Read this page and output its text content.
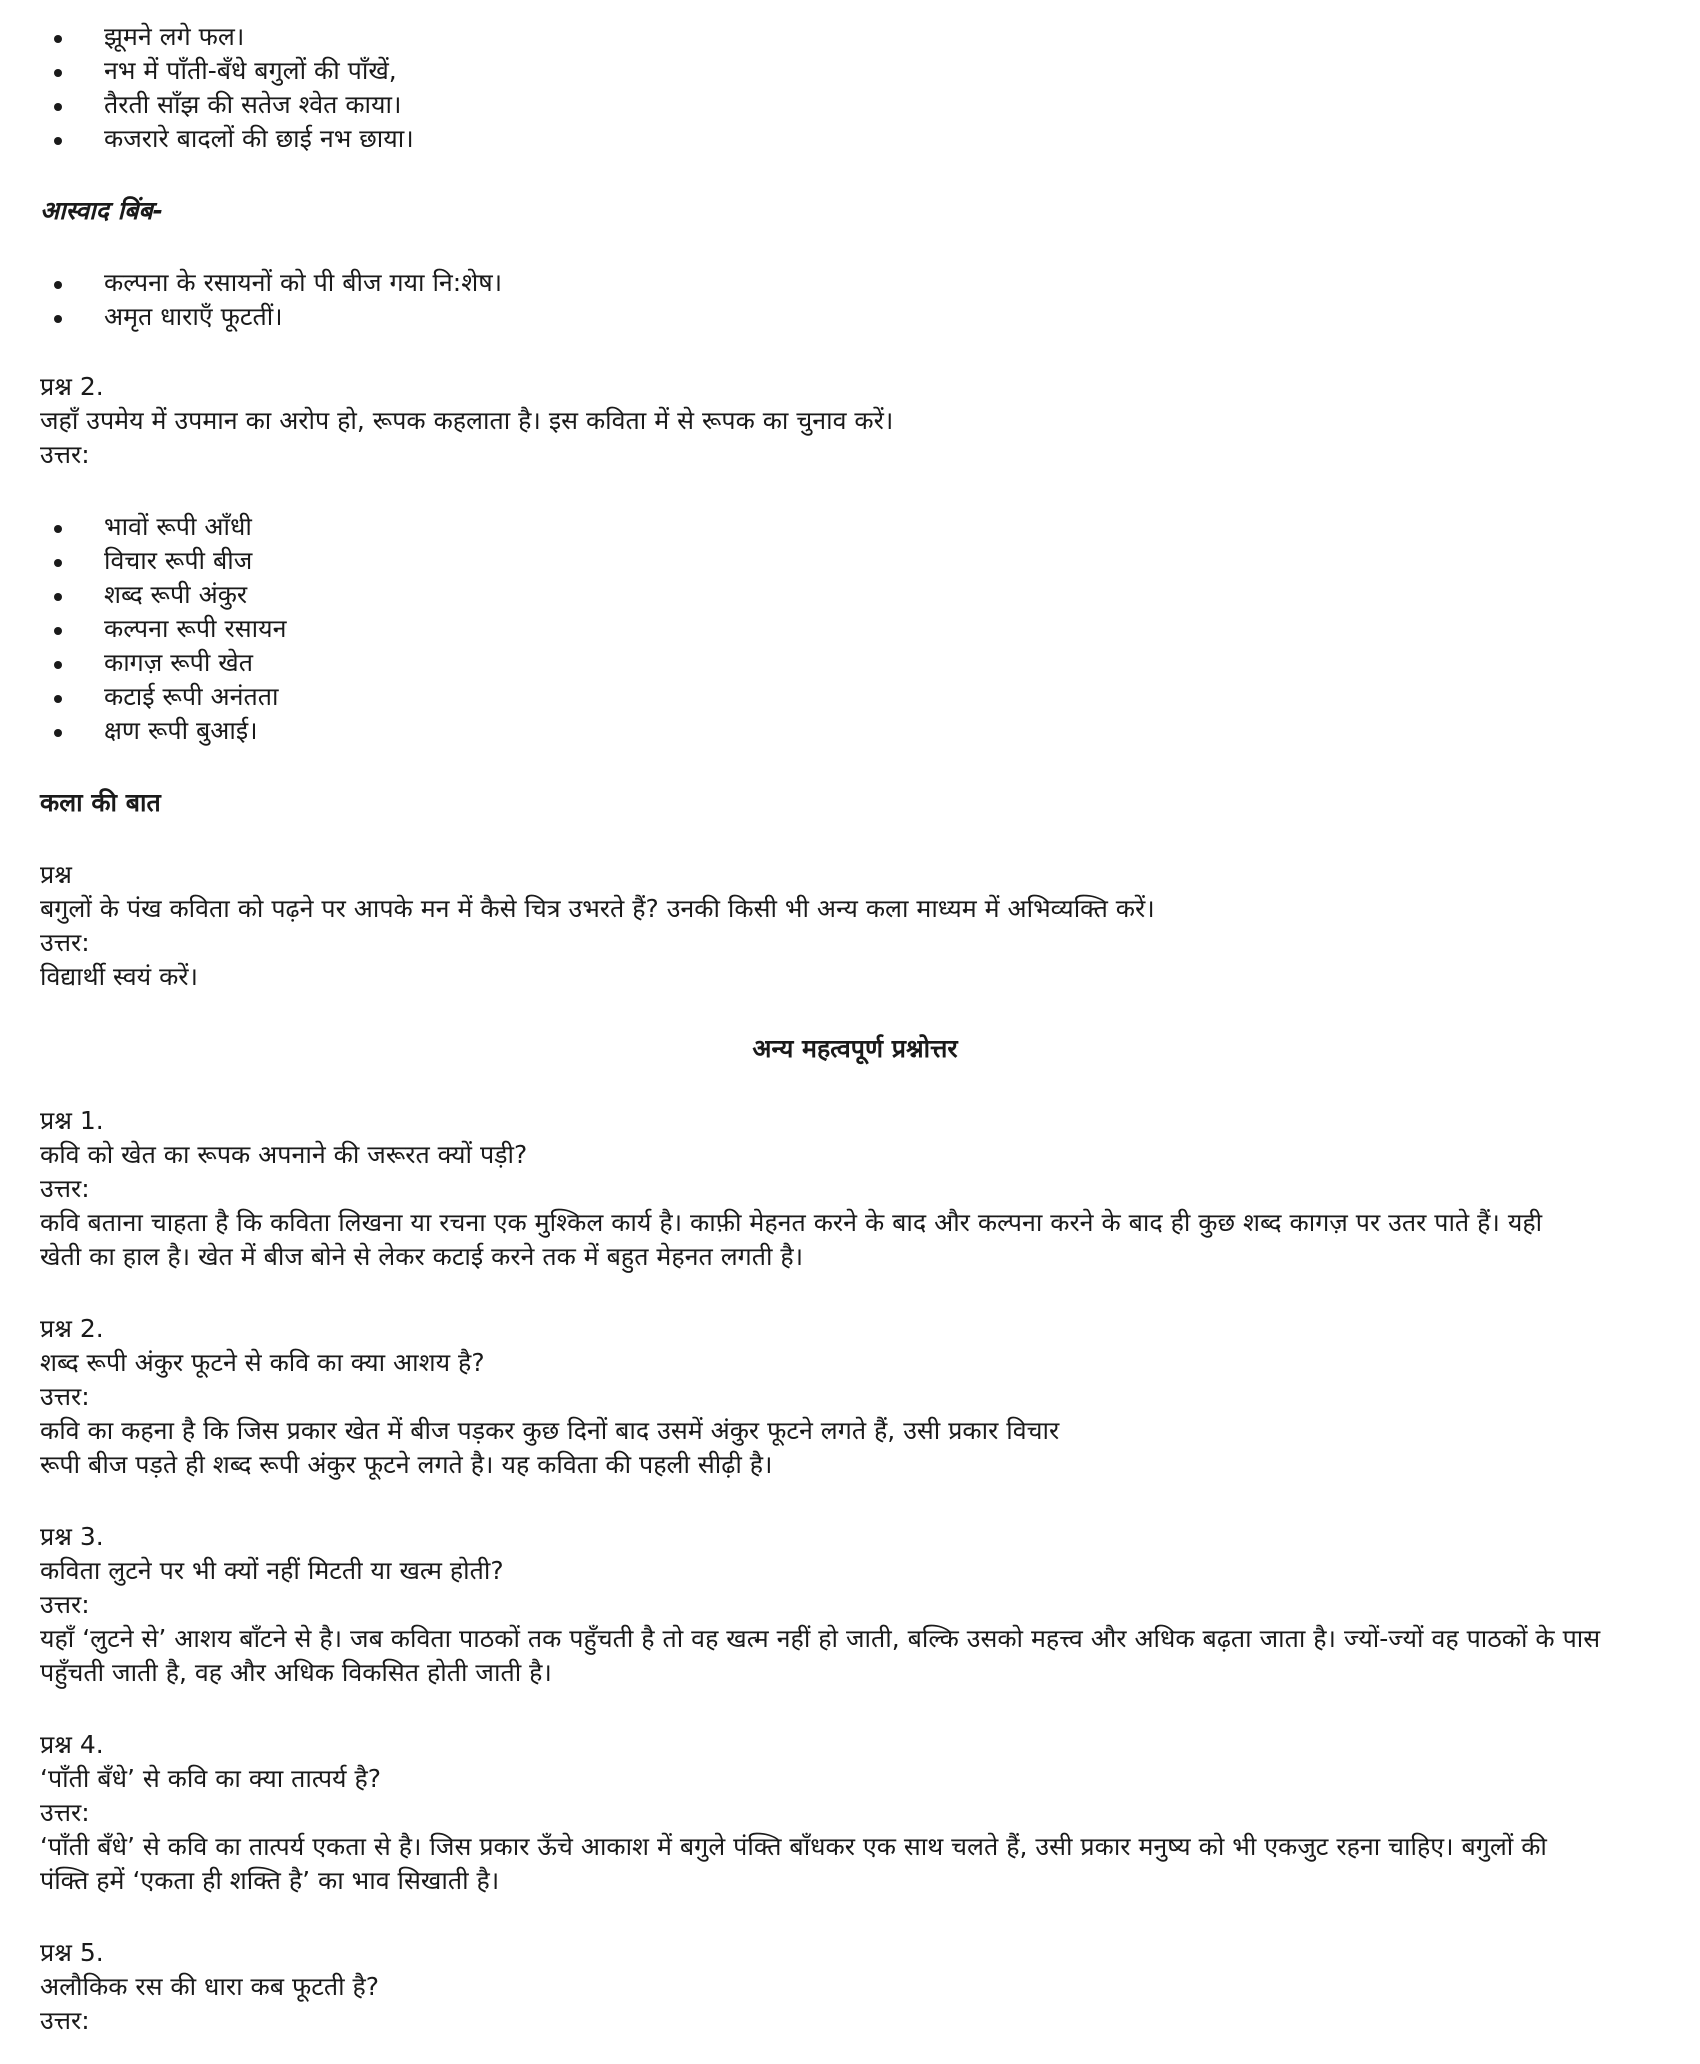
झूमने लगे फल।
नभ में पाँती-बँधे बगुलों की पाँखें,
तैरती साँझ की सतेज श्वेत काया।
कजरारे बादलों की छाई नभ छाया।

आस्वाद बिंब-

कल्पना के रसायनों को पी बीज गया नि:शेष।
अमृत धाराएँ फूटतीं।

प्रश्न 2.

जहाँ उपमेय में उपमान का अरोप हो, रूपक कहलाता है। इस कविता में से रूपक का चुनाव करें।

उत्तर:

भावों रूपी आँधी
विचार रूपी बीज
शब्द रूपी अंकुर
कल्पना रूपी रसायन
कागज़ रूपी खेत
कटाई रूपी अनंतता
क्षण रूपी बुआई।

कला की बात

प्रश्न

बगुलों के पंख कविता को पढ़ने पर आपके मन में कैसे चित्र उभरते हैं? उनकी किसी भी अन्य कला माध्यम में अभिव्यक्ति करें।

उत्तर:

विद्यार्थी स्वयं करें।

अन्य महत्वपूर्ण प्रश्नोत्तर

प्रश्न 1.

कवि को खेत का रूपक अपनाने की जरूरत क्यों पड़ी?

उत्तर:

कवि बताना चाहता है कि कविता लिखना या रचना एक मुश्किल कार्य है। काफ़ी मेहनत करने के बाद और कल्पना करने के बाद ही कुछ शब्द कागज़ पर उतर पाते हैं। यही

खेती का हाल है। खेत में बीज बोने से लेकर कटाई करने तक में बहुत मेहनत लगती है।

प्रश्न 2.

शब्द रूपी अंकुर फूटने से कवि का क्या आशय है?

उत्तर:

कवि का कहना है कि जिस प्रकार खेत में बीज पड़कर कुछ दिनों बाद उसमें अंकुर फूटने लगते हैं, उसी प्रकार विचार

रूपी बीज पड़ते ही शब्द रूपी अंकुर फूटने लगते है। यह कविता की पहली सीढ़ी है।

प्रश्न 3.

कविता लुटने पर भी क्यों नहीं मिटती या खत्म होती?

उत्तर:

यहाँ ‘लुटने से’ आशय बाँटने से है। जब कविता पाठकों तक पहुँचती है तो वह खत्म नहीं हो जाती, बल्कि उसको महत्त्व और अधिक बढ़ता जाता है। ज्यों-ज्यों वह पाठकों के पास

पहुँचती जाती है, वह और अधिक विकसित होती जाती है।

प्रश्न 4.

‘पाँती बँधे’ से कवि का क्या तात्पर्य है?

उत्तर:

‘पाँती बँधे’ से कवि का तात्पर्य एकता से है। जिस प्रकार ऊँचे आकाश में बगुले पंक्ति बाँधकर एक साथ चलते हैं, उसी प्रकार मनुष्य को भी एकजुट रहना चाहिए। बगुलों की

पंक्ति हमें ‘एकता ही शक्ति है’ का भाव सिखाती है।

प्रश्न 5.

अलौकिक रस की धारा कब फूटती है?

उत्तर:
